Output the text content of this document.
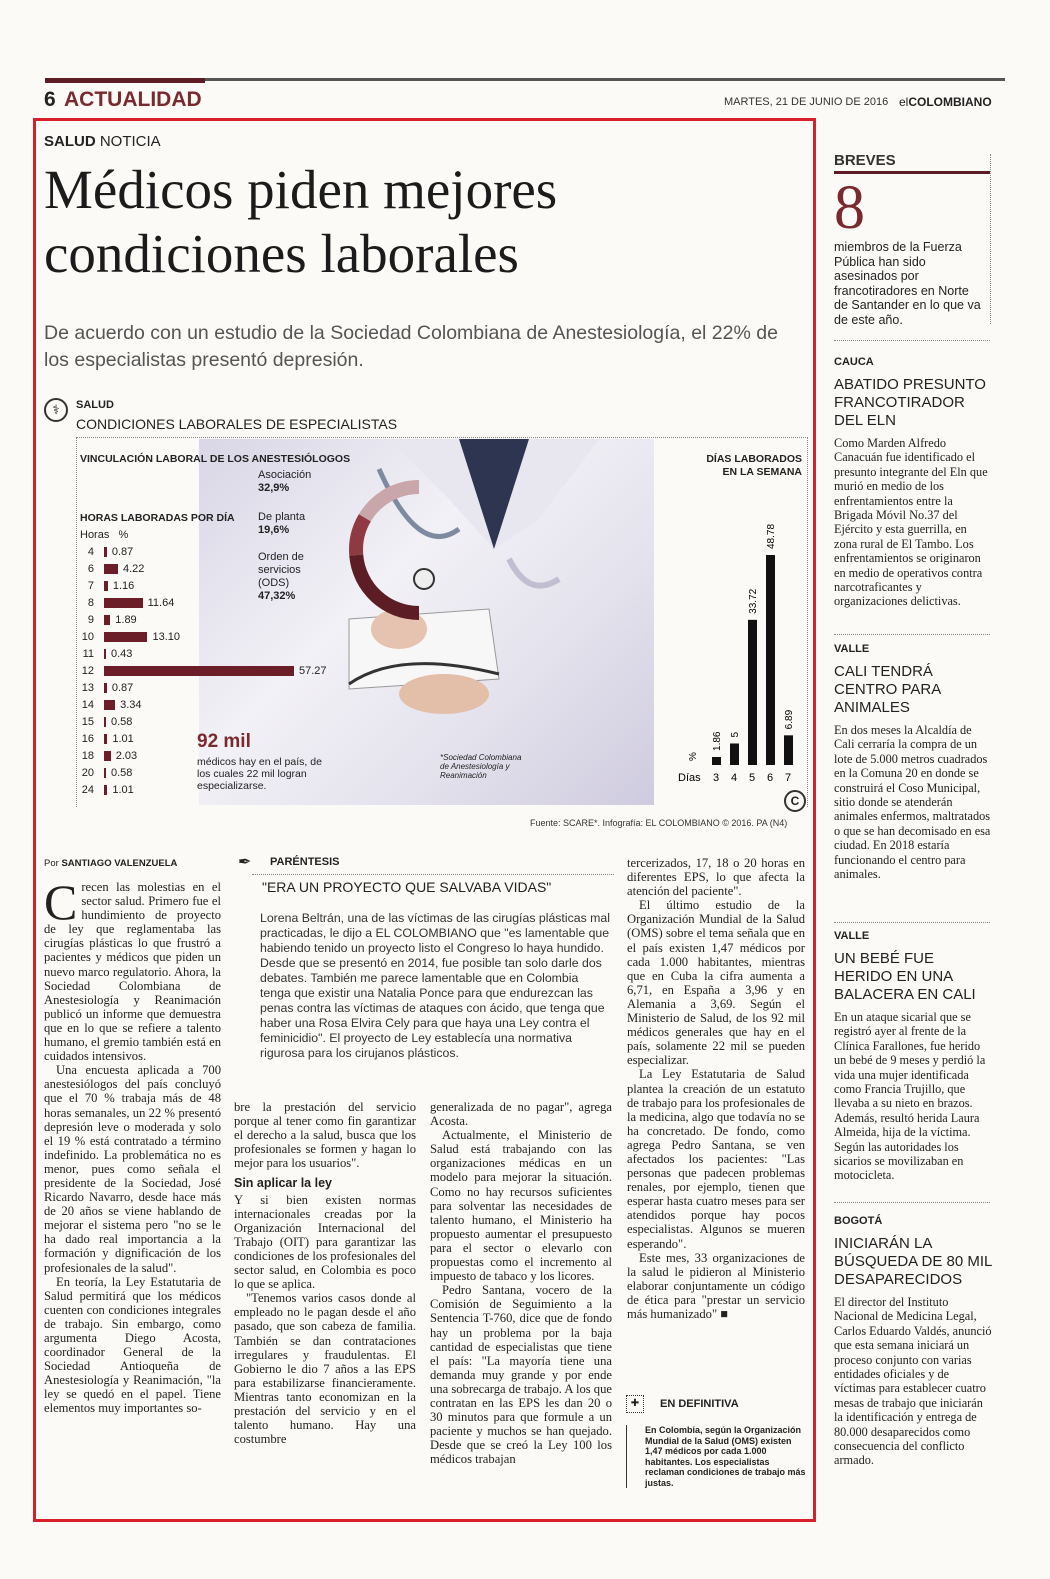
6 ACTUALIDAD	MARTES, 21 DE JUNIO DE 2016 elCOLOMBIANO
SALUD NOTICIA
Médicos piden mejores
condiciones laborales
De acuerdo con un estudio de la Sociedad Colombiana de Anestesiología, el 22% de los especialistas presentó depresión.
⚕	SALUD
CONDICIONES LABORALES DE ESPECIALISTAS
VINCULACIÓN LABORAL DE LOS ANESTESIÓLOGOS
Asociación
32,9%
De planta
19,6%
Orden de servicios (ODS)
47,32%
HORAS LABORADAS POR DÍA
Horas %
4 0.87
6	4.22
7 1.16
8	11.64
9 1.89
10	13.10
11 0.43
12	57.27
13 0.87
14 3.34
15 0.58
16 1.01
18 2.03
20 0.58
24 1.01
92 mil
médicos hay en el país, de los cuales 22 mil logran especializarse.
*Sociedad Colombiana de Anestesiología y Reanimación
DÍAS LABORADOS EN LA SEMANA
1.86
3
5
4
33.72
5
48.78
6
6.89
7
Días
%
C
Fuente: SCARE*. Infografía: EL COLOMBIANO © 2016. PA (N4)
Por SANTIAGO VALENZUELA

Crecen las molestias en el sector salud. Primero fue el hundimiento de proyecto de ley que reglamentaba las cirugías plásticas lo que frustró a pacientes y médicos que piden un nuevo marco regulatorio. Ahora, la Sociedad Colombiana de Anestesiología y Reanimación publicó un informe que demuestra que en lo que se refiere a talento humano, el gremio también está en cuidados intensivos.

Una encuesta aplicada a 700 anestesiólogos del país concluyó que el 70 % trabaja más de 48 horas semanales, un 22 % presentó depresión leve o moderada y solo el 19 % está contratado a término indefinido. La problemática no es menor, pues como señala el presidente de la Sociedad, José Ricardo Navarro, desde hace más de 20 años se viene hablando de mejorar el sistema pero "no se le ha dado real importancia a la formación y dignificación de los profesionales de la salud".

En teoría, la Ley Estatutaria de Salud permitirá que los médicos cuenten con condiciones integrales de trabajo. Sin embargo, como argumenta Diego Acosta, coordinador General de la Sociedad Antioqueña de Anestesiología y Reanimación, "la ley se quedó en el papel. Tiene elementos muy importantes so-

✒ PARÉNTESIS
"ERA UN PROYECTO QUE SALVABA VIDAS"
Lorena Beltrán, una de las víctimas de las cirugías plásticas mal practicadas, le dijo a EL COLOMBIANO que "es lamentable que habiendo tenido un proyecto listo el Congreso lo haya hundido. Desde que se presentó en 2014, fue posible tan solo darle dos debates. También me parece lamentable que en Colombia tenga que existir una Natalia Ponce para que endurezcan las penas contra las víctimas de ataques con ácido, que tenga que haber una Rosa Elvira Cely para que haya una Ley contra el feminicidio". El proyecto de Ley establecía una normativa rigurosa para los cirujanos plásticos.

bre la prestación del servicio porque al tener como fin garantizar el derecho a la salud, busca que los profesionales se formen y hagan lo mejor para los usuarios".

Sin aplicar la ley

Y si bien existen normas internacionales creadas por la Organización Internacional del Trabajo (OIT) para garantizar las condiciones de los profesionales del sector salud, en Colombia es poco lo que se aplica.

"Tenemos varios casos donde al empleado no le pagan desde el año pasado, que son cabeza de familia. También se dan contrataciones irregulares y fraudulentas. El Gobierno le dio 7 años a las EPS para estabilizarse financieramente. Mientras tanto economizan en la prestación del servicio y en el talento humano. Hay una costumbre

generalizada de no pagar", agrega Acosta.

Actualmente, el Ministerio de Salud está trabajando con las organizaciones médicas en un modelo para mejorar la situación. Como no hay recursos suficientes para solventar las necesidades de talento humano, el Ministerio ha propuesto aumentar el presupuesto para el sector o elevarlo con propuestas como el incremento al impuesto de tabaco y los licores.

Pedro Santana, vocero de la Comisión de Seguimiento a la Sentencia T-760, dice que de fondo hay un problema por la baja cantidad de especialistas que tiene el país: "La mayoría tiene una demanda muy grande y por ende una sobrecarga de trabajo. A los que contratan en las EPS les dan 20 o 30 minutos para que formule a un paciente y muchos se han quejado. Desde que se creó la Ley 100 los médicos trabajan

tercerizados, 17, 18 o 20 horas en diferentes EPS, lo que afecta la atención del paciente".

El último estudio de la Organización Mundial de la Salud (OMS) sobre el tema señala que en el país existen 1,47 médicos por cada 1.000 habitantes, mientras que en Cuba la cifra aumenta a 6,71, en España a 3,96 y en Alemania a 3,69. Según el Ministerio de Salud, de los 92 mil médicos generales que hay en el país, solamente 22 mil se pueden especializar.

La Ley Estatutaria de Salud plantea la creación de un estatuto de trabajo para los profesionales de la medicina, algo que todavía no se ha concretado. De fondo, como agrega Pedro Santana, se ven afectados los pacientes: "Las personas que padecen problemas renales, por ejemplo, tienen que esperar hasta cuatro meses para ser atendidos porque hay pocos especialistas. Algunos se mueren esperando".

Este mes, 33 organizaciones de la salud le pidieron al Ministerio elaborar conjuntamente un código de ética para "prestar un servicio más humanizado" ■

✚	EN DEFINITIVA
En Colombia, según la Organización Mundial de la Salud (OMS) existen 1,47 médicos por cada 1.000 habitantes. Los especialistas reclaman condiciones de trabajo más justas.
BREVES
8
miembros de la Fuerza Pública han sido asesinados por francotiradores en Norte de Santander en lo que va de este año.
CAUCA
ABATIDO PRESUNTO FRANCOTIRADOR DEL ELN
Como Marden Alfredo Canacuán fue identificado el presunto integrante del Eln que murió en medio de los enfrentamientos entre la Brigada Móvil No.37 del Ejército y esta guerrilla, en zona rural de El Tambo. Los enfrentamientos se originaron en medio de operativos contra narcotraficantes y organizaciones delictivas.
VALLE
CALI TENDRÁ CENTRO PARA ANIMALES
En dos meses la Alcaldía de Cali cerraría la compra de un lote de 5.000 metros cuadrados en la Comuna 20 en donde se construirá el Coso Municipal, sitio donde se atenderán animales enfermos, maltratados o que se han decomisado en esa ciudad. En 2018 estaría funcionando el centro para animales.
VALLE
UN BEBÉ FUE HERIDO EN UNA BALACERA EN CALI
En un ataque sicarial que se registró ayer al frente de la Clínica Farallones, fue herido un bebé de 9 meses y perdió la vida una mujer identificada como Francia Trujillo, que llevaba a su nieto en brazos. Además, resultó herida Laura Almeida, hija de la víctima. Según las autoridades los sicarios se movilizaban en motocicleta.
BOGOTÁ
INICIARÁN LA BÚSQUEDA DE 80 MIL DESAPARECIDOS
El director del Instituto Nacional de Medicina Legal, Carlos Eduardo Valdés, anunció que esta semana iniciará un proceso conjunto con varias entidades oficiales y de víctimas para establecer cuatro mesas de trabajo que iniciarán la identificación y entrega de 80.000 desaparecidos como consecuencia del conflicto armado.
